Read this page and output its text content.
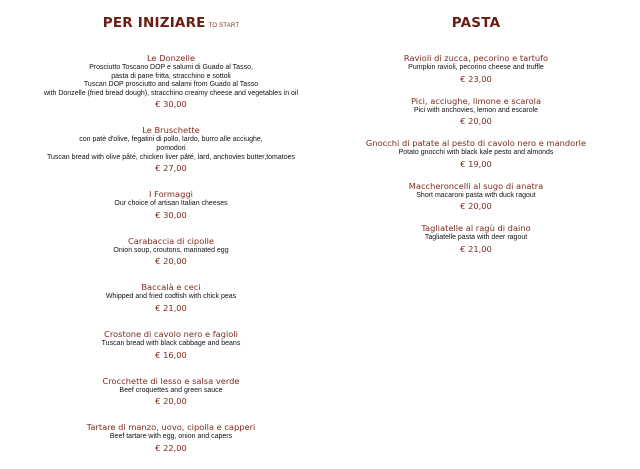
PER INIZIARE TO START
Le Donzelle
Prosciutto Toscano DOP e salumi di Guado al Tasso,
pasta di pane fritta, stracchino e sottoli
Tuscan DOP prosciutto and salami from Guado al Tasso
with Donzelle (fried bread dough), stracchino creamy cheese and vegetables in oil
€ 30,00
Le Bruschette
con patè d'olive, fegatini di pollo, lardo, burro alle acciughe,
pomodori
Tuscan bread with olive pâté, chicken liver pâté, lard, anchovies butter,tomatoes
€ 27,00
I Formaggi
Our choice of artisan Italian cheeses
€ 30,00
Carabaccia di cipolle
Onion soup, croutons, marinated egg
€ 20,00
Baccalà e ceci
Whipped and fried codfish with chick peas
€ 21,00
Crostone di cavolo nero e fagioli
Tuscan bread with black cabbage and beans
€ 16,00
Crocchette di lesso e salsa verde
Beef croquettes and green sauce
€ 20,00
Tartare di manzo, uovo, cipolla e capperi
Beef tartare with egg, onion and capers
€ 22,00
PASTA
Ravioli di zucca, pecorino e tartufo
Pumpkin ravioli, pecorino cheese and truffle
€ 23,00
Pici, acciughe, limone e scarola
Pici with anchovies, lemon and escarole
€ 20,00
Gnocchi di patate al pesto di cavolo nero e mandorle
Potato gnocchi with black kale pesto and almonds
€ 19,00
Maccheroncelli al sugo di anatra
Short macaroni pasta with duck ragout
€ 20,00
Tagliatelle al ragù di daino
Tagliatelle pasta with deer ragout
€ 21,00
